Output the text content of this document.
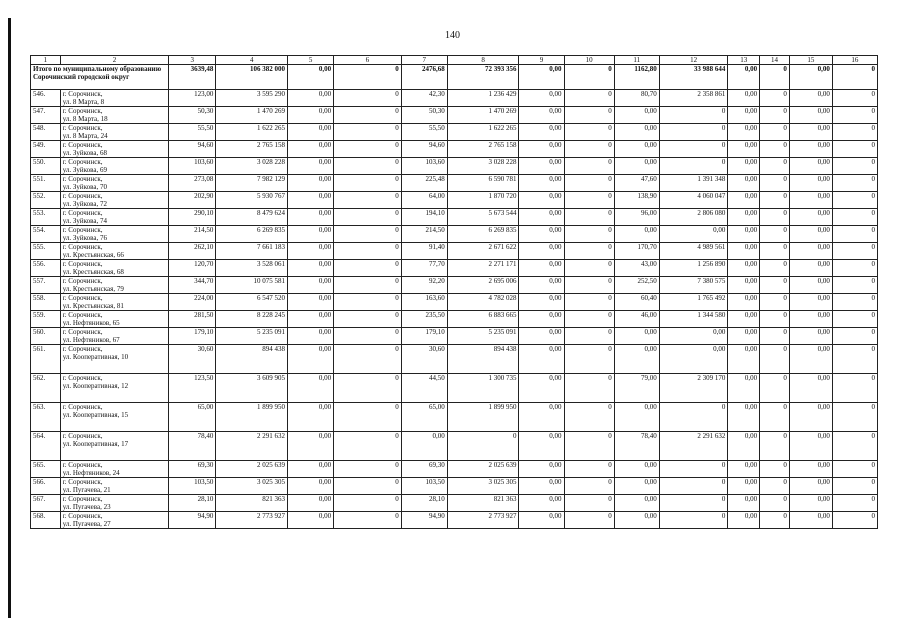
140
1	2	3	4	5	6	7	8	9	10	11	12	13	14	15	16
Итого по муниципальному образованию Сорочинский городской округ		3639,48	106 382 000	0,00	0	2476,68	72 393 356	0,00	0	1162,80	33 988 644	0,00	0	0,00	0
546.	г. Сорочинск,
ул. 8 Марта, 8	123,00	3 595 290	0,00	0	42,30	1 236 429	0,00	0	80,70	2 358 861	0,00	0	0,00	0
547.	г. Сорочинск,
ул. 8 Марта, 18	50,30	1 470 269	0,00	0	50,30	1 470 269	0,00	0	0,00	0	0,00	0	0,00	0
548.	г. Сорочинск,
ул. 8 Марта, 24	55,50	1 622 265	0,00	0	55,50	1 622 265	0,00	0	0,00	0	0,00	0	0,00	0
549.	г. Сорочинск,
ул. Зуйкова, 68	94,60	2 765 158	0,00	0	94,60	2 765 158	0,00	0	0,00	0	0,00	0	0,00	0
550.	г. Сорочинск,
ул. Зуйкова, 69	103,60	3 028 228	0,00	0	103,60	3 028 228	0,00	0	0,00	0	0,00	0	0,00	0
551.	г. Сорочинск,
ул. Зуйкова, 70	273,08	7 982 129	0,00	0	225,48	6 590 781	0,00	0	47,60	1 391 348	0,00	0	0,00	0
552.	г. Сорочинск,
ул. Зуйкова, 72	202,90	5 930 767	0,00	0	64,00	1 870 720	0,00	0	138,90	4 060 047	0,00	0	0,00	0
553.	г. Сорочинск,
ул. Зуйкова, 74	290,10	8 479 624	0,00	0	194,10	5 673 544	0,00	0	96,00	2 806 080	0,00	0	0,00	0
554.	г. Сорочинск,
ул. Зуйкова, 76	214,50	6 269 835	0,00	0	214,50	6 269 835	0,00	0	0,00	0,00	0,00	0	0,00	0
555.	г. Сорочинск,
ул. Крестьянская, 66	262,10	7 661 183	0,00	0	91,40	2 671 622	0,00	0	170,70	4 989 561	0,00	0	0,00	0
556.	г. Сорочинск,
ул. Крестьянская, 68	120,70	3 528 061	0,00	0	77,70	2 271 171	0,00	0	43,00	1 256 890	0,00	0	0,00	0
557.	г. Сорочинск,
ул. Крестьянская, 79	344,70	10 075 581	0,00	0	92,20	2 695 006	0,00	0	252,50	7 380 575	0,00	0	0,00	0
558.	г. Сорочинск,
ул. Крестьянская, 81	224,00	6 547 520	0,00	0	163,60	4 782 028	0,00	0	60,40	1 765 492	0,00	0	0,00	0
559.	г. Сорочинск,
ул. Нефтяников, 65	281,50	8 228 245	0,00	0	235,50	6 883 665	0,00	0	46,00	1 344 580	0,00	0	0,00	0
560.	г. Сорочинск,
ул. Нефтяников, 67	179,10	5 235 091	0,00	0	179,10	5 235 091	0,00	0	0,00	0,00	0,00	0	0,00	0
561.	г. Сорочинск,
ул. Кооперативная, 10	30,60	894 438	0,00	0	30,60	894 438	0,00	0	0,00	0,00	0,00	0	0,00	0
562.	г. Сорочинск,
ул. Кооперативная, 12	123,50	3 609 905	0,00	0	44,50	1 300 735	0,00	0	79,00	2 309 170	0,00	0	0,00	0
563.	г. Сорочинск,
ул. Кооперативная, 15	65,00	1 899 950	0,00	0	65,00	1 899 950	0,00	0	0,00	0	0,00	0	0,00	0
564.	г. Сорочинск,
ул. Кооперативная, 17	78,40	2 291 632	0,00	0	0,00	0	0,00	0	78,40	2 291 632	0,00	0	0,00	0
565.	г. Сорочинск,
ул. Нефтяников, 24	69,30	2 025 639	0,00	0	69,30	2 025 639	0,00	0	0,00	0	0,00	0	0,00	0
566.	г. Сорочинск,
ул. Пугачева, 21	103,50	3 025 305	0,00	0	103,50	3 025 305	0,00	0	0,00	0	0,00	0	0,00	0
567.	г. Сорочинск,
ул. Пугачева, 23	28,10	821 363	0,00	0	28,10	821 363	0,00	0	0,00	0	0,00	0	0,00	0
568.	г. Сорочинск,
ул. Пугачева, 27	94,90	2 773 927	0,00	0	94,90	2 773 927	0,00	0	0,00	0	0,00	0	0,00	0
